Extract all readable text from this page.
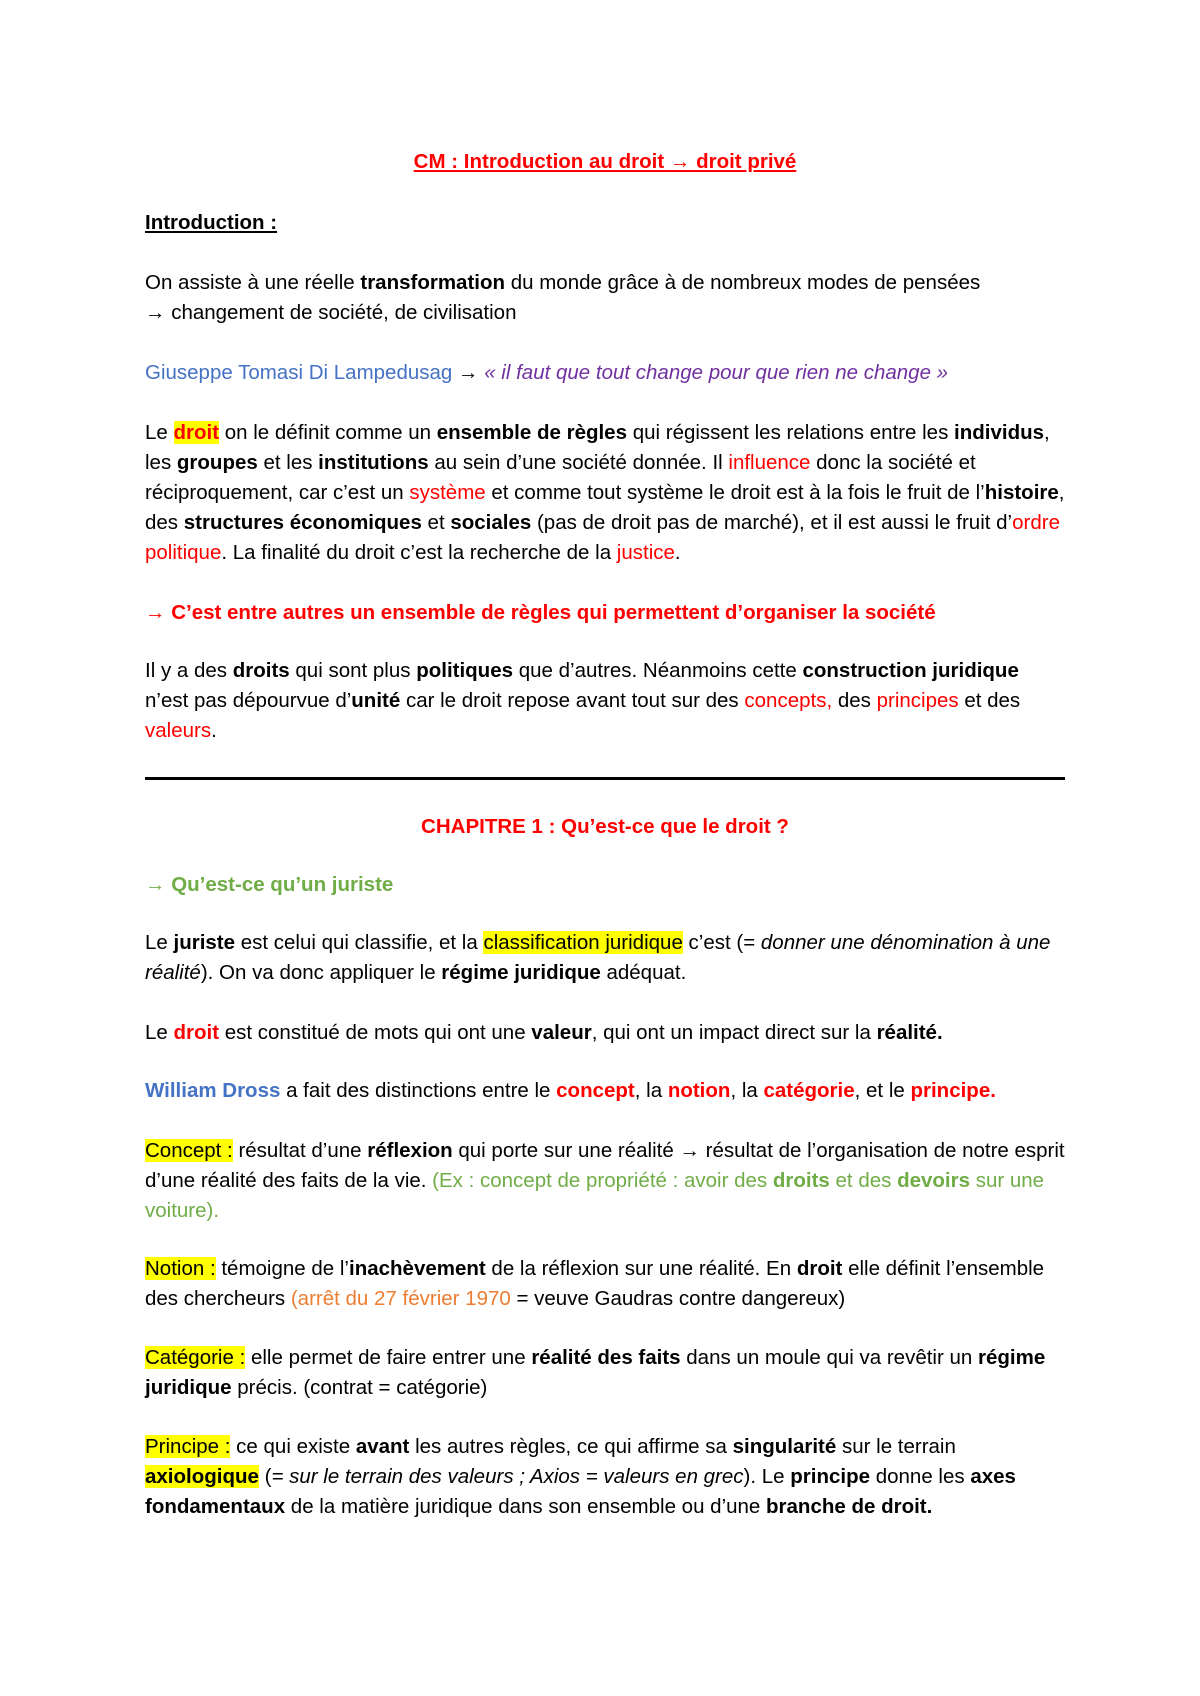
CM : Introduction au droit → droit privé

Introduction :

On assiste à une réelle transformation du monde grâce à de nombreux modes de pensées
→ changement de société, de civilisation

Giuseppe Tomasi Di Lampedusag → « il faut que tout change pour que rien ne change »

Le droit on le définit comme un ensemble de règles qui régissent les relations entre les individus, les groupes et les institutions au sein d’une société donnée. Il influence donc la société et réciproquement, car c’est un système et comme tout système le droit est à la fois le fruit de l’histoire, des structures économiques et sociales (pas de droit pas de marché), et il est aussi le fruit d’ordre politique. La finalité du droit c’est la recherche de la justice.

→ C’est entre autres un ensemble de règles qui permettent d’organiser la société

Il y a des droits qui sont plus politiques que d’autres. Néanmoins cette construction juridique n’est pas dépourvue d’unité car le droit repose avant tout sur des concepts, des principes et des valeurs.

CHAPITRE 1 : Qu’est-ce que le droit ?

→ Qu’est-ce qu’un juriste

Le juriste est celui qui classifie, et la classification juridique c’est (= donner une dénomination à une réalité). On va donc appliquer le régime juridique adéquat.

Le droit est constitué de mots qui ont une valeur, qui ont un impact direct sur la réalité.

William Dross a fait des distinctions entre le concept, la notion, la catégorie, et le principe.

Concept : résultat d’une réflexion qui porte sur une réalité → résultat de l’organisation de notre esprit d’une réalité des faits de la vie. (Ex : concept de propriété : avoir des droits et des devoirs sur une voiture).

Notion : témoigne de l’inachèvement de la réflexion sur une réalité. En droit elle définit l’ensemble des chercheurs (arrêt du 27 février 1970 = veuve Gaudras contre dangereux)

Catégorie : elle permet de faire entrer une réalité des faits dans un moule qui va revêtir un régime juridique précis. (contrat = catégorie)

Principe : ce qui existe avant les autres règles, ce qui affirme sa singularité sur le terrain axiologique (= sur le terrain des valeurs ; Axios = valeurs en grec). Le principe donne les axes fondamentaux de la matière juridique dans son ensemble ou d’une branche de droit.
